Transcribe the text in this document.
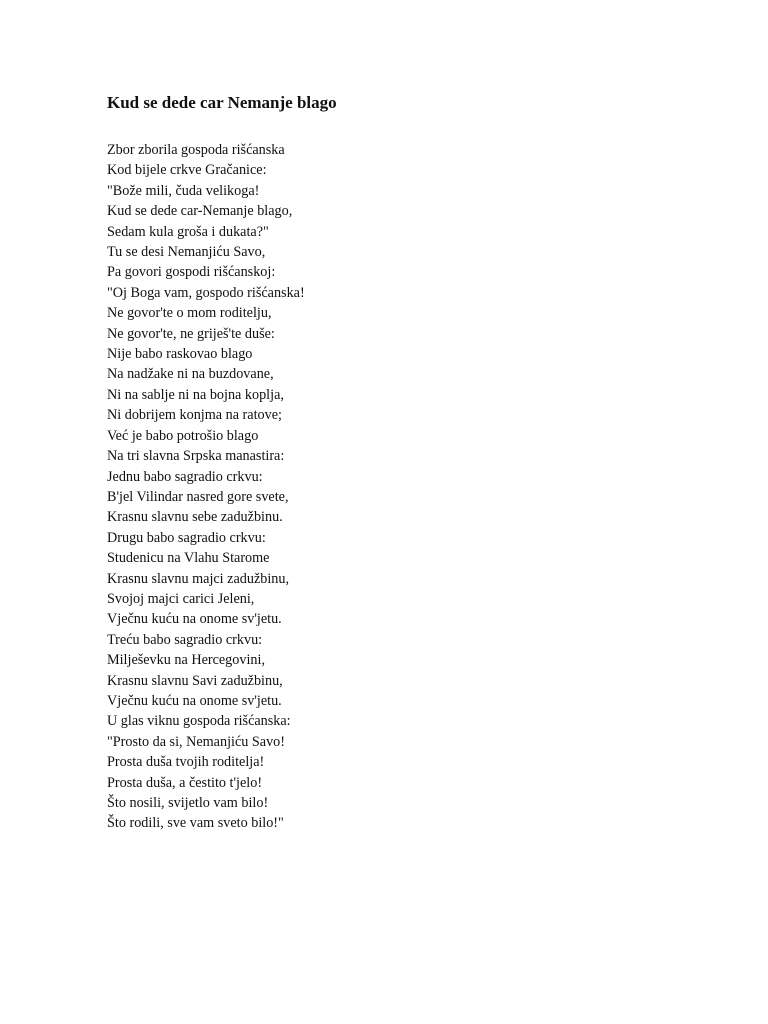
Kud se dede car Nemanje blago
Zbor zborila gospoda rišćanska
Kod bijele crkve Gračanice:
"Bože mili, čuda velikoga!
Kud se dede car-Nemanje blago,
Sedam kula groša i dukata?"
Tu se desi Nemanjiću Savo,
Pa govori gospodi rišćanskoj:
"Oj Boga vam, gospodo rišćanska!
Ne govor'te o mom roditelju,
Ne govor'te, ne griješ'te duše:
Nije babo raskovao blago
Na nadžake ni na buzdovane,
Ni na sablje ni na bojna koplja,
Ni dobrijem konjma na ratove;
Već je babo potrošio blago
Na tri slavna Srpska manastira:
Jednu babo sagradio crkvu:
B'jel Vilindar nasred gore svete,
Krasnu slavnu sebe zadužbinu.
Drugu babo sagradio crkvu:
Studenicu na Vlahu Starome
Krasnu slavnu majci zadužbinu,
Svojoj majci carici Jeleni,
Vječnu kuću na onome sv'jetu.
Treću babo sagradio crkvu:
Milješevku na Hercegovini,
Krasnu slavnu Savi zadužbinu,
Vječnu kuću na onome sv'jetu.
U glas viknu gospoda rišćanska:
"Prosto da si, Nemanjiću Savo!
Prosta duša tvojih roditelja!
Prosta duša, a čestito t'jelo!
Što nosili, svijetlo vam bilo!
Što rodili, sve vam sveto bilo!"
